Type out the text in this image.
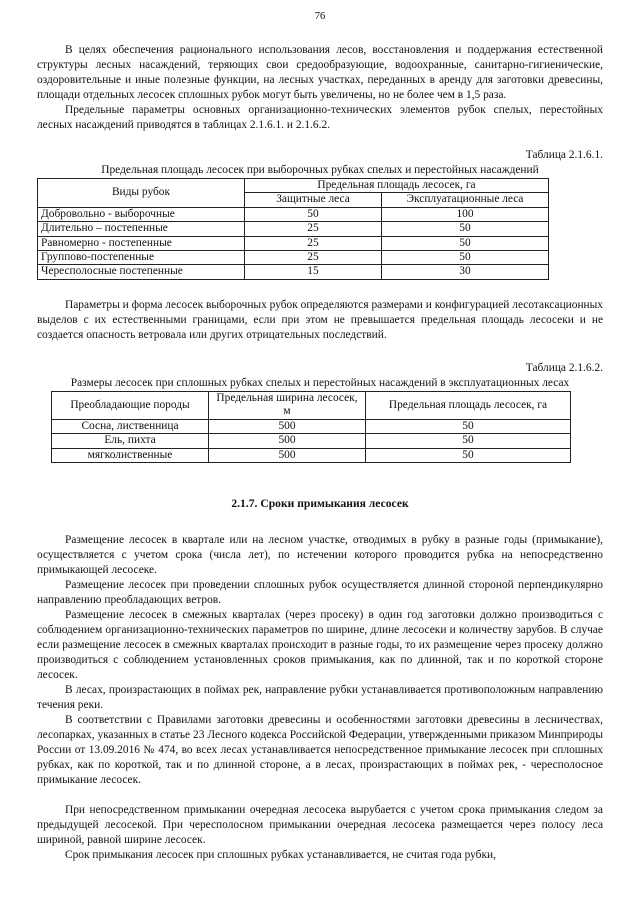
76

В целях обеспечения рационального использования лесов, восстановления и поддержания естественной структуры лесных насаждений, теряющих свои средообразующие, водоохранные, санитарно-гигиенические, оздоровительные и иные полезные функции, на лесных участках, переданных в аренду для заготовки древесины, площади отдельных лесосек сплошных рубок могут быть увеличены, но не более чем в 1,5 раза.

Предельные параметры основных организационно-технических элементов рубок спелых, перестойных лесных насаждений приводятся в таблицах 2.1.6.1. и 2.1.6.2.

Таблица 2.1.6.1.
Предельная площадь лесосек при выборочных рубках спелых и перестойных насаждений
Виды рубок	Предельная площадь лесосек, га	
	Защитные леса	Эксплуатационные леса
Добровольно - выборочные	50	100
Длительно – постепенные	25	50
Равномерно - постепенные	25	50
Группово-постепенные	25	50
Чересполосные постепенные	15	30

Параметры и форма лесосек выборочных рубок определяются размерами и конфигурацией лесотаксационных выделов с их естественными границами, если при этом не превышается предельная площадь лесосеки и не создается опасность ветровала или других отрицательных последствий.

Таблица 2.1.6.2.
Размеры лесосек при сплошных рубках спелых и перестойных насаждений в эксплуатационных лесах
Преобладающие породы	Предельная ширина лесосек, м	Предельная площадь лесосек, га
Сосна, лиственница	500	50
Ель, пихта	500	50
мягколиственные	500	50
2.1.7. Сроки примыкания лесосек

Размещение лесосек в квартале или на лесном участке, отводимых в рубку в разные годы (примыкание), осуществляется с учетом срока (числа лет), по истечении которого проводится рубка на непосредственно примыкающей лесосеке.

Размещение лесосек при проведении сплошных рубок осуществляется длинной стороной перпендикулярно направлению преобладающих ветров.

Размещение лесосек в смежных кварталах (через просеку) в один год заготовки должно производиться с соблюдением организационно-технических параметров по ширине, длине лесосеки и количеству зарубов. В случае если размещение лесосек в смежных кварталах происходит в разные годы, то их размещение через просеку должно производиться с соблюдением установленных сроков примыкания, как по длинной, так и по короткой стороне лесосек.

В лесах, произрастающих в поймах рек, направление рубки устанавливается противоположным направлению течения реки.

В соответствии с Правилами заготовки древесины и особенностями заготовки древесины в лесничествах, лесопарках, указанных в статье 23 Лесного кодекса Российской Федерации, утвержденными приказом Минприроды России от 13.09.2016 № 474, во всех лесах устанавливается непосредственное примыкание лесосек при сплошных рубках, как по короткой, так и по длинной стороне, а в лесах, произрастающих в поймах рек, - чересполосное примыкание лесосек.

При непосредственном примыкании очередная лесосека вырубается с учетом срока примыкания следом за предыдущей лесосекой. При чересполосном примыкании очередная лесосека размещается через полосу леса шириной, равной ширине лесосек.

Срок примыкания лесосек при сплошных рубках устанавливается, не считая года рубки,
